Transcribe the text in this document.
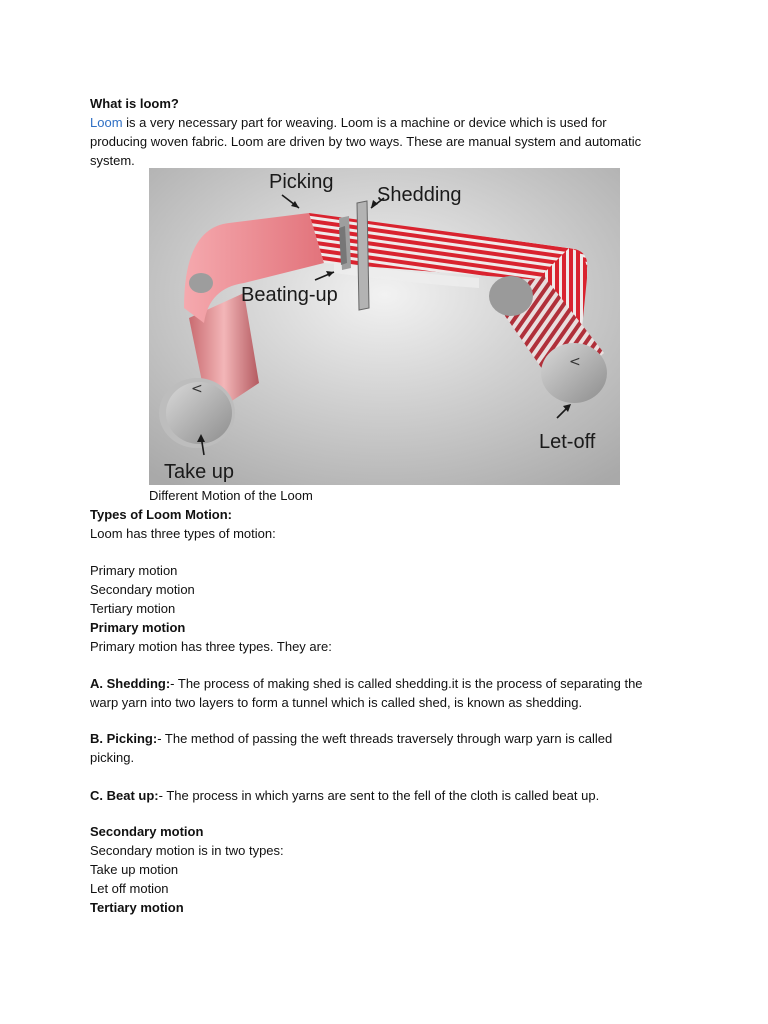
What is loom?
Loom is a very necessary part for weaving. Loom is a machine or device which is used for
producing woven fabric. Loom are driven by two ways. These are manual system and automatic
system.
<
<
Picking
Shedding
Beating-up
Take up
Let-off
Different Motion of the Loom
Types of Loom Motion:
Loom has three types of motion:
Primary motion
Secondary motion
Tertiary motion
Primary motion
Primary motion has three types. They are:
A. Shedding:- The process of making shed is called shedding.it is the process of separating the
warp yarn into two layers to form a tunnel which is called shed, is known as shedding.
B. Picking:- The method of passing the weft threads traversely through warp yarn is called
picking.
C. Beat up:- The process in which yarns are sent to the fell of the cloth is called beat up.
Secondary motion
Secondary motion is in two types:
Take up motion
Let off motion
Tertiary motion
